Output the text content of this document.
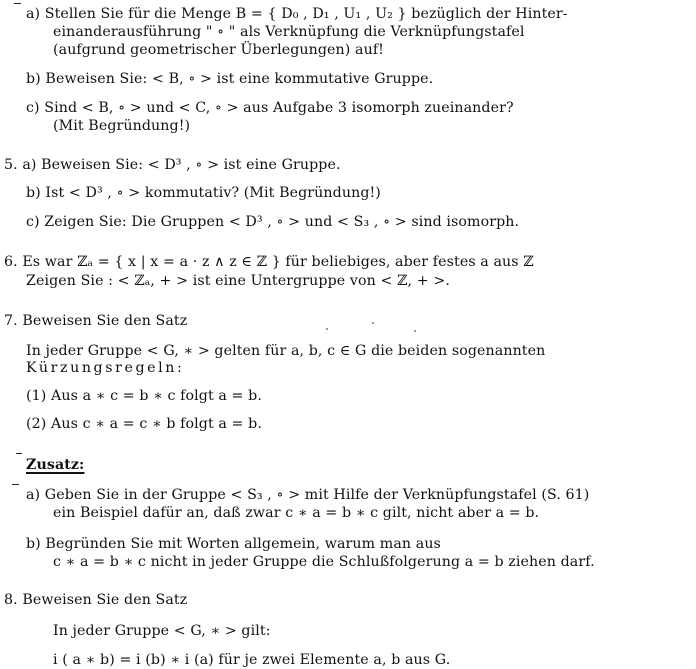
a) Stellen Sie für die Menge B = { D₀ , D₁ , U₁ , U₂ } bezüglich der Hinter-
einanderausführung " ∘ " als Verknüpfung die Verknüpfungstafel
(aufgrund geometrischer Überlegungen) auf!
b) Beweisen Sie: < B, ∘ > ist eine kommutative Gruppe.
c) Sind < B, ∘ > und < C, ∘ > aus Aufgabe 3 isomorph zueinander?
(Mit Begründung!)
5. a) Beweisen Sie: < D³ , ∘ > ist eine Gruppe.
b) Ist < D³ , ∘ > kommutativ? (Mit Begründung!)
c) Zeigen Sie: Die Gruppen < D³ , ∘ > und < S₃ , ∘ > sind isomorph.
6. Es war ℤₐ = { x | x = a · z ∧ z ∈ ℤ } für beliebiges, aber festes a aus ℤ
Zeigen Sie : < ℤₐ, + > ist eine Untergruppe von < ℤ, + >.
7. Beweisen Sie den Satz
In jeder Gruppe < G, ∗ > gelten für a, b, c ∈ G die beiden sogenannten
Kürzungsregeln:
(1) Aus a ∗ c = b ∗ c folgt a = b.
(2) Aus c ∗ a = c ∗ b folgt a = b.
Zusatz:
a) Geben Sie in der Gruppe < S₃ , ∘ > mit Hilfe der Verknüpfungstafel (S. 61)
ein Beispiel dafür an, daß zwar c ∗ a = b ∗ c gilt, nicht aber a = b.
b) Begründen Sie mit Worten allgemein, warum man aus
c ∗ a = b ∗ c nicht in jeder Gruppe die Schlußfolgerung a = b ziehen darf.
8. Beweisen Sie den Satz
In jeder Gruppe < G, ∗ > gilt:
i ( a ∗ b) = i (b) ∗ i (a) für je zwei Elemente a, b aus G.
